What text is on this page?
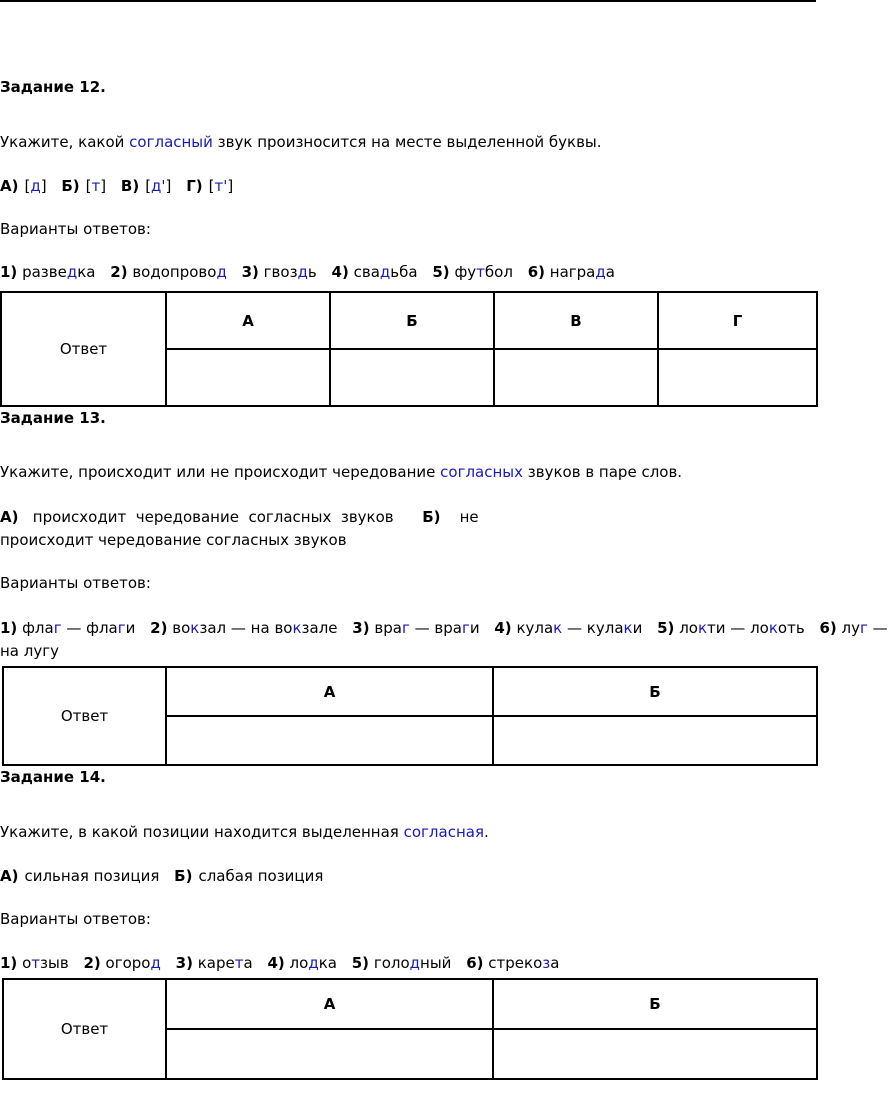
Задание 12.
Укажите, какой согласный звук произносится на месте выделенной буквы.
А) [д] Б) [т] В) [д'] Г) [т']
Варианты ответов:
1) разведка 2) водопровод 3) гвоздь 4) свадьба 5) футбол 6) награда
Ответ	А	Б	В	Г

Задание 13.
Укажите, происходит или не происходит чередование согласных звуков в паре слов.
А) происходит  чередование  согласных  звуков Б) не
происходит чередование согласных звуков
Варианты ответов:
1) флаг — флаги 2) вокзал — на вокзале 3) враг — враги 4) кулак — кулаки 5) локти — локоть 6) луг —
на лугу
Ответ	А	Б

Задание 14.
Укажите, в какой позиции находится выделенная согласная.
А) сильная позиция Б) слабая позиция
Варианты ответов:
1) отзыв 2) огород 3) карета 4) лодка 5) голодный 6) стрекоза
Ответ	А	Б
